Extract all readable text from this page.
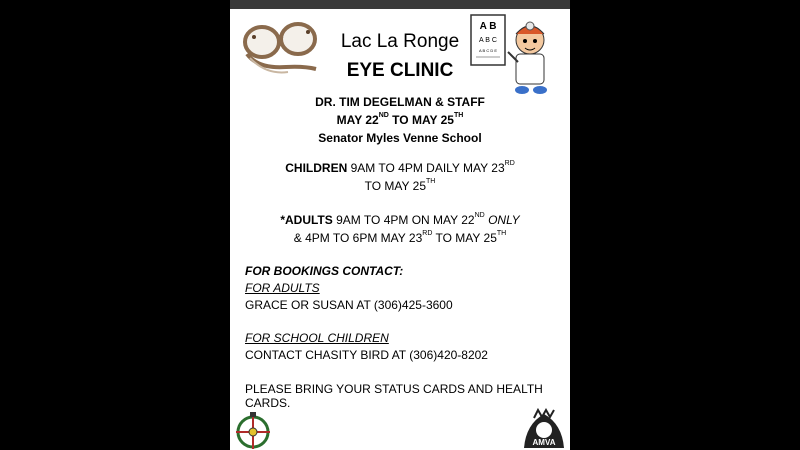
A B
A B C
A B C D E
Lac La Ronge
EYE CLINIC
DR. TIM DEGELMAN & STAFF
MAY 22ND TO MAY 25TH
Senator Myles Venne School
CHILDREN 9AM TO 4PM DAILY MAY 23RD
TO MAY 25TH
*ADULTS 9AM TO 4PM ON MAY 22ND ONLY
& 4PM TO 6PM MAY 23RD TO MAY 25TH
FOR BOOKINGS CONTACT:
FOR ADULTS
GRACE OR SUSAN AT (306)425-3600
FOR SCHOOL CHILDREN
CONTACT CHASITY BIRD AT (306)420-8202
PLEASE BRING YOUR STATUS CARDS AND HEALTH CARDS.
AMVA
